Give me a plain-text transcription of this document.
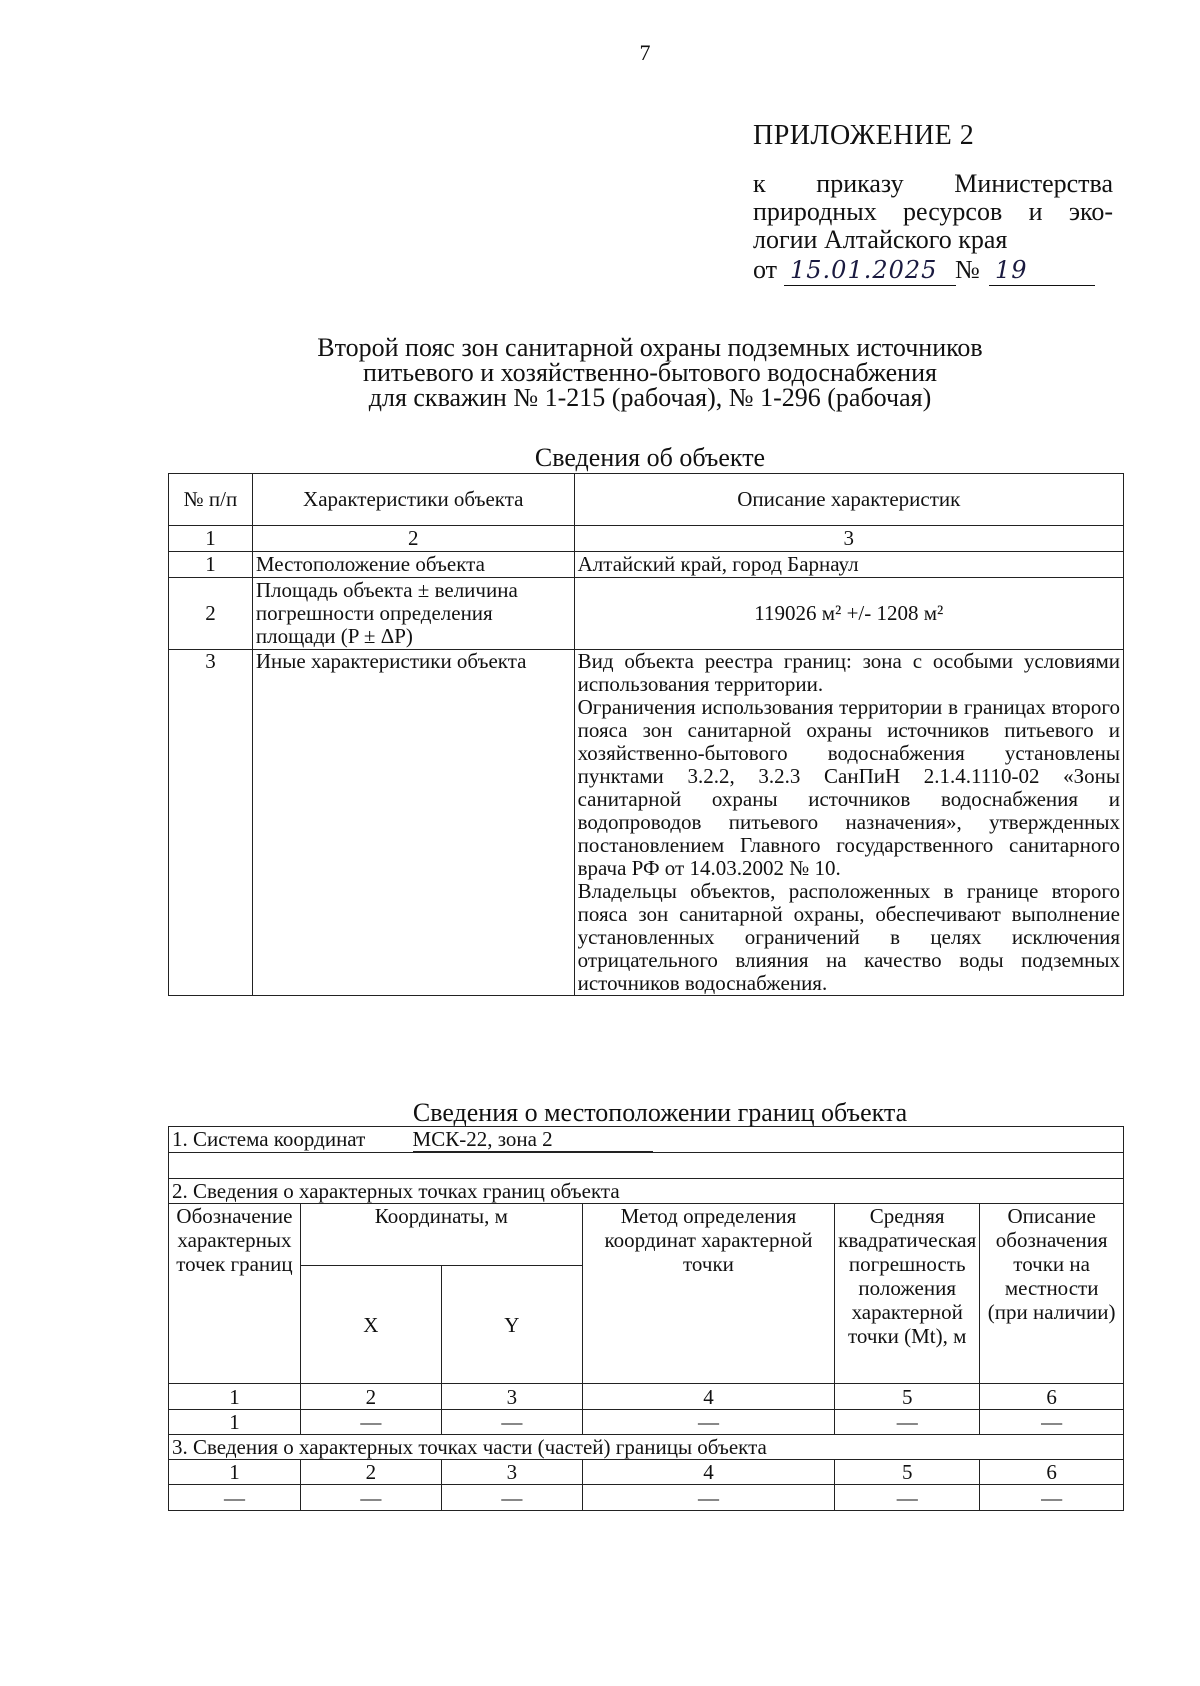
7
ПРИЛОЖЕНИЕ 2
к приказу Министерства
природных ресурсов и эко-
логии Алтайского края
от 15.01.2025 № 19
Второй пояс зон санитарной охраны подземных источников
питьевого и хозяйственно-бытового водоснабжения
для скважин № 1-215 (рабочая), № 1-296 (рабочая)
Сведения об объекте
№ п/п	Характеристики объекта	Описание характеристик
1	2	3
1	Местоположение объекта	Алтайский край, город Барнаул
2	Площадь объекта ± величина погрешности определения площади (P ± ΔP)	119026 м² +/- 1208 м²
3	Иные характеристики объекта	Вид объекта реестра границ: зона с особыми условиями использования территории.

Ограничения использования территории в границах второго пояса зон санитарной охраны источников питьевого и хозяйственно-бытового водоснабжения установлены пунктами 3.2.2, 3.2.3 СанПиН 2.1.4.1110-02 «Зоны санитарной охраны источников водоснабжения и водопроводов питьевого назначения», утвержденных постановлением Главного государственного санитарного врача РФ от 14.03.2002 № 10.

Владельцы объектов, расположенных в границе второго пояса зон санитарной охраны, обеспечивают выполнение установленных ограничений в целях исключения отрицательного влияния на качество воды подземных источников водоснабжения.

Сведения о местоположении границ объекта
1. Система координат МСК-22, зона 2					

2. Сведения о характерных точках границ объекта					
Обозначение характерных точек границ	Координаты, м		Метод определения координат характерной точки	Средняя квадратическая погрешность положения характерной точки (Mt), м	Описание обозначения точки на местности (при наличии)
	X	Y			
1	2	3	4	5	6
1	—	—	—	—	—
3. Сведения о характерных точках части (частей) границы объекта					
1	2	3	4	5	6
—	—	—	—	—	—
